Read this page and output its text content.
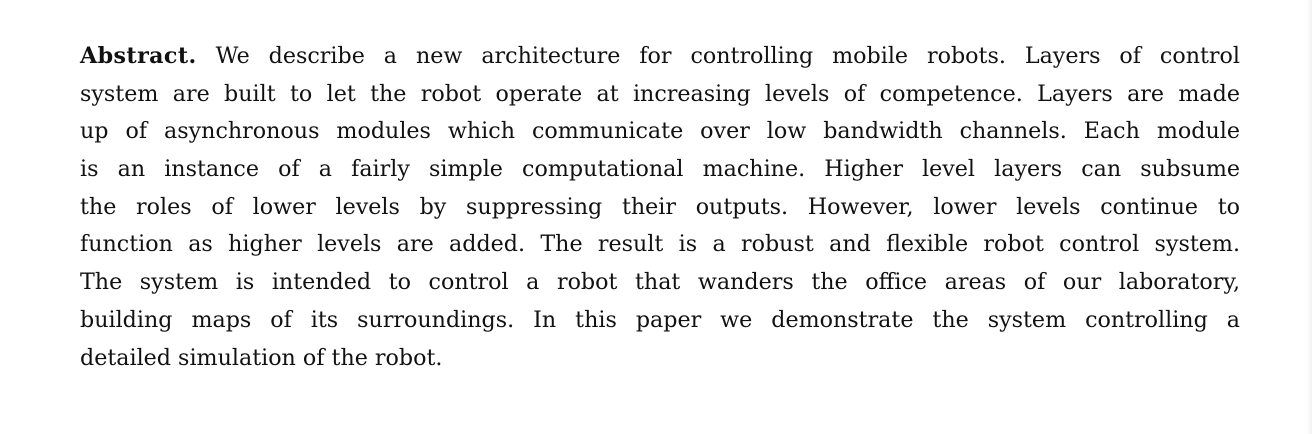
Abstract. We describe a new architecture for controlling mobile robots. Layers of control
system are built to let the robot operate at increasing levels of competence. Layers are made
up of asynchronous modules which communicate over low bandwidth channels. Each module
is an instance of a fairly simple computational machine. Higher level layers can subsume
the roles of lower levels by suppressing their outputs. However, lower levels continue to
function as higher levels are added. The result is a robust and flexible robot control system.
The system is intended to control a robot that wanders the office areas of our laboratory,
building maps of its surroundings. In this paper we demonstrate the system controlling a
detailed simulation of the robot.
